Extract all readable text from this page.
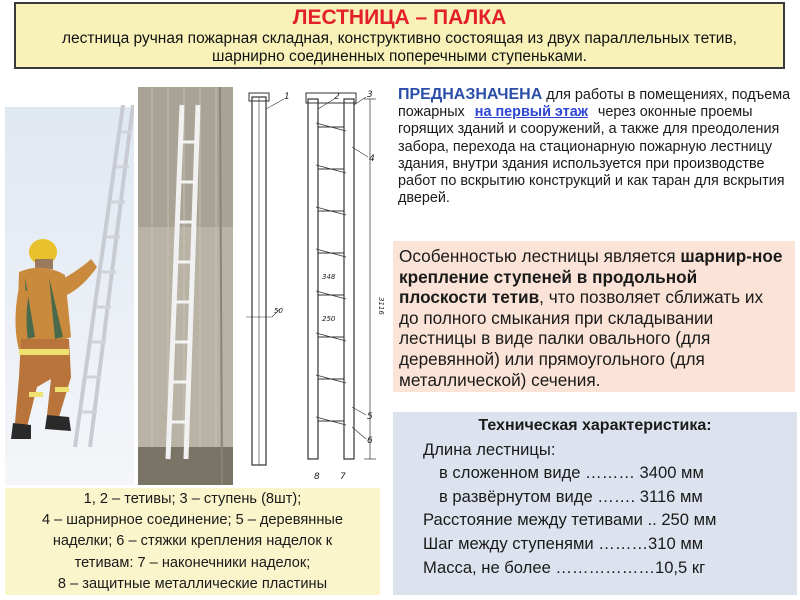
ЛЕСТНИЦА – ПАЛКА
лестница ручная пожарная складная, конструктивно состоящая из двух параллельных тетив,
шарнирно соединенных поперечными ступеньками.
1	2	3
4
5
6
8 7
50
348
250
3116
ПРЕДНАЗНАЧЕНА для работы в помещениях, подъема пожарных на первый этаж через оконные проемы горящих зданий и сооружений, а также для преодоления забора, перехода на стационарную пожарную лестницу здания, внутри здания используется при производстве работ по вскрытию конструкций и как таран для вскрытия дверей.
Особенностью лестницы является шарнир-ное крепление ступеней в продольной плоскости тетив, что позволяет сближать их до полного смыкания при складывании лестницы в виде палки овального (для деревянной) или прямоугольного (для металлической) сечения.
Техническая характеристика:
Длина лестницы:
в сложенном виде ……… 3400 мм
в развёрнутом виде ……. 3116 мм
Расстояние между тетивами .. 250 мм
Шаг между ступенями ………310 мм
Масса, не более ………………10,5 кг
1, 2 – тетивы; 3 – ступень (8шт);
4 – шарнирное соединение; 5 – деревянные
наделки; 6 – стяжки крепления наделок к
тетивам: 7 – наконечники наделок;
8 – защитные металлические пластины
